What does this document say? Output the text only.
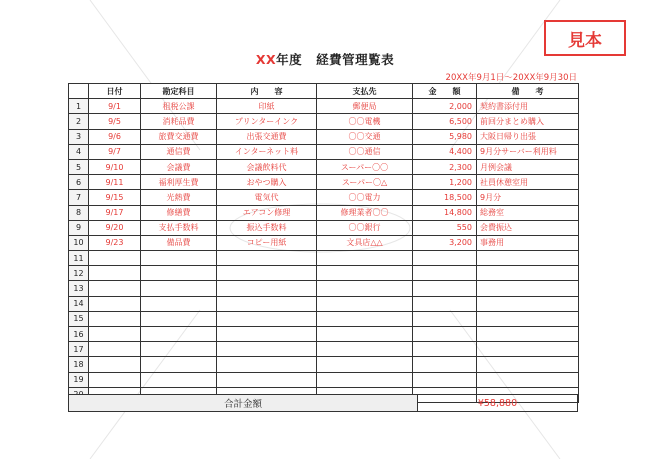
見本
XX年度 経費管理覧表
20XX年9月1日～20XX年9月30日
	日付	勘定科目	内　　容	支払先	金　　額	備　　考
1	9/1	租税公課	印紙	郵便局	2,000	契約書添付用
2	9/5	消耗品費	プリンターインク	〇〇電機	6,500	前回分まとめ購入
3	9/6	旅費交通費	出張交通費	〇〇交通	5,980	大阪日帰り出張
4	9/7	通信費	インターネット料	〇〇通信	4,400	9月分サーバー利用料
5	9/10	会議費	会議飲料代	スーパー〇〇	2,300	月例会議
6	9/11	福利厚生費	おやつ購入	スーパー〇△	1,200	社員休憩室用
7	9/15	光熱費	電気代	〇〇電力	18,500	9月分
8	9/17	修繕費	エアコン修理	修理業者〇〇	14,800	総務室
9	9/20	支払手数料	振込手数料	〇〇銀行	550	会費振込
10	9/23	備品費	コピー用紙	文具店△△	3,200	事務用
11						
12						
13						
14						
15						
16						
17						
18						
19						

合計金額	¥58,880
